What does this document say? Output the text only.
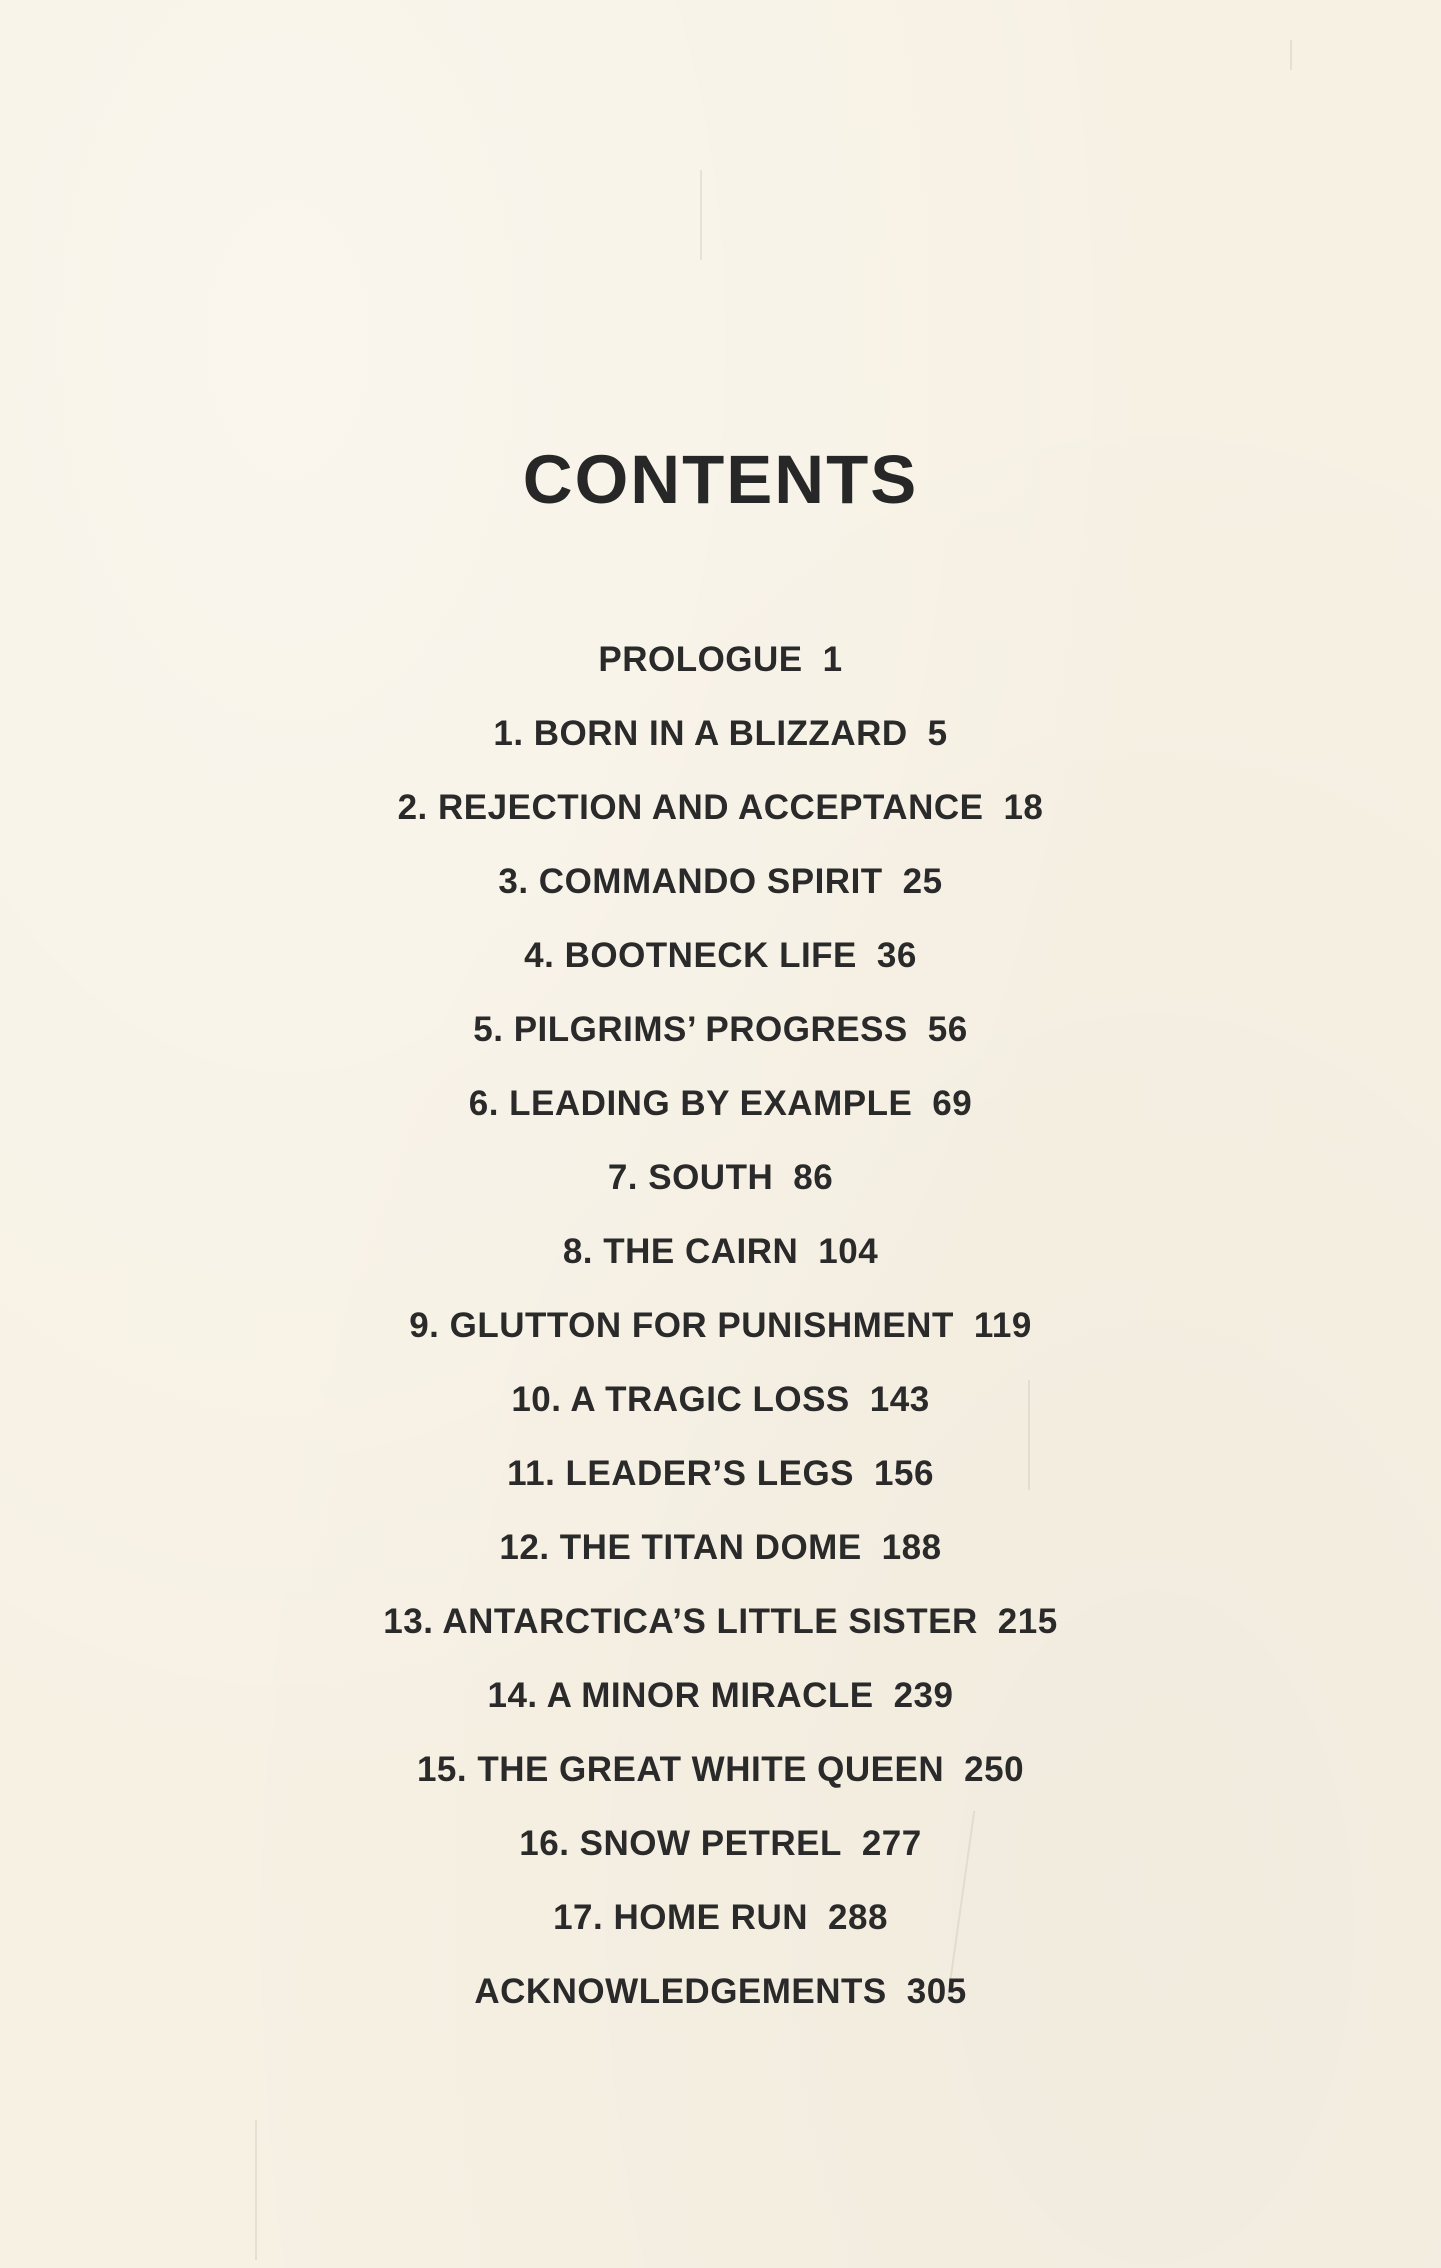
CONTENTS
PROLOGUE 1
1. BORN IN A BLIZZARD 5
2. REJECTION AND ACCEPTANCE 18
3. COMMANDO SPIRIT 25
4. BOOTNECK LIFE 36
5. PILGRIMS’ PROGRESS 56
6. LEADING BY EXAMPLE 69
7. SOUTH 86
8. THE CAIRN 104
9. GLUTTON FOR PUNISHMENT 119
10. A TRAGIC LOSS 143
11. LEADER’S LEGS 156
12. THE TITAN DOME 188
13. ANTARCTICA’S LITTLE SISTER 215
14. A MINOR MIRACLE 239
15. THE GREAT WHITE QUEEN 250
16. SNOW PETREL 277
17. HOME RUN 288
ACKNOWLEDGEMENTS 305
